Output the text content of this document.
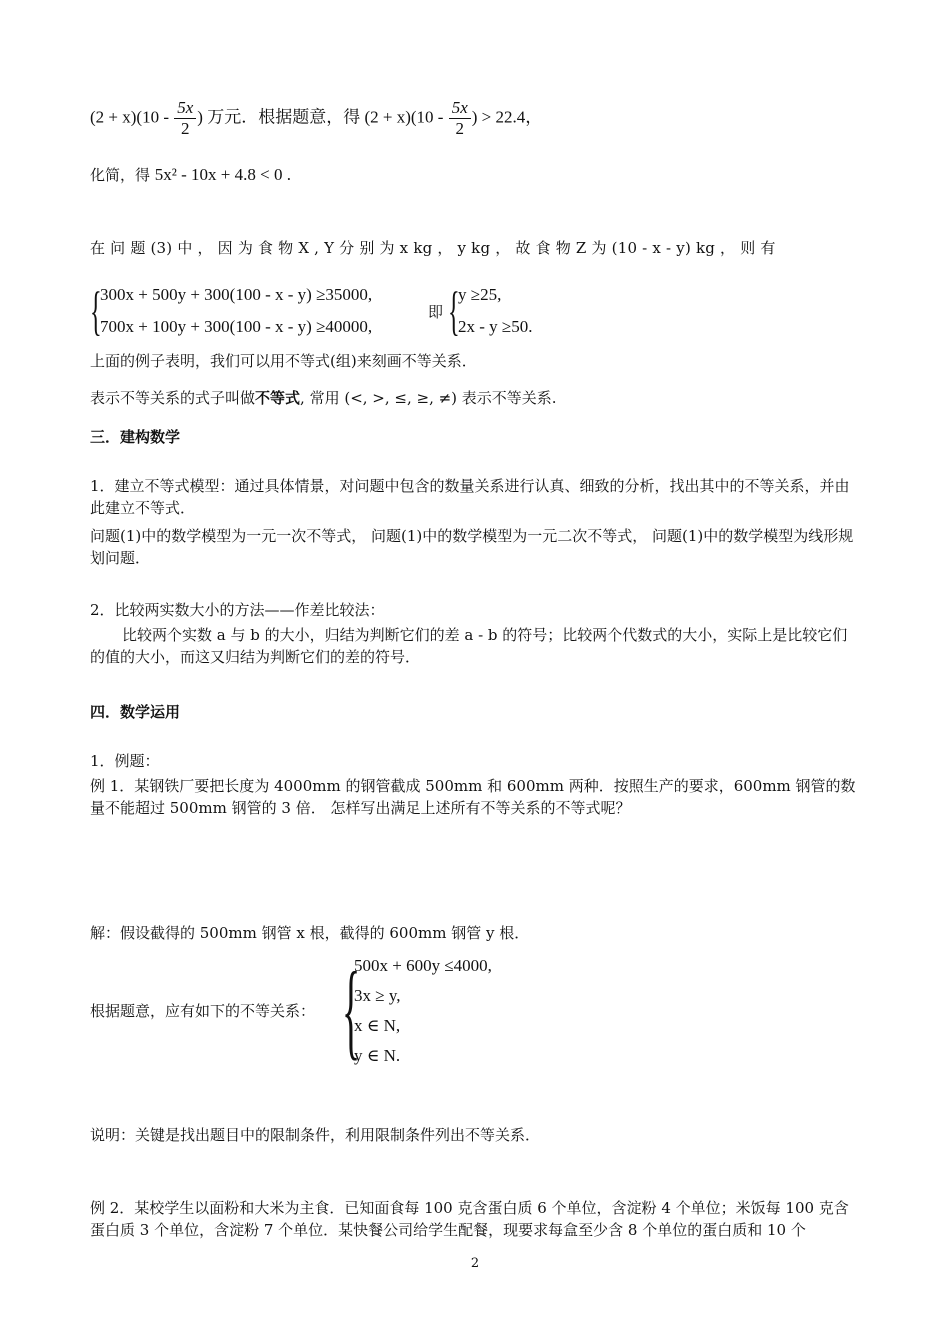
$(2 + x)(10 - \frac{5x}{2}$ ) 万元．根据题意，得 $(2 + x)(10 - \frac{5x}{2}$ ) > 22.4，
化简，得 5x² - 10x + 4.8 < 0 .
在 问 题 (3) 中 ， 因 为 食 物 X , Y 分 别 为 x kg ， y kg ， 故 食 物 Z 为 (10 - x - y) kg ， 则 有
{
300x + 500y + 300(100 - x - y) ≥35000,
700x + 100y + 300(100 - x - y) ≥40000,
即 {
y ≥25,
2x - y ≥50.
上面的例子表明，我们可以用不等式(组)来刻画不等关系．
表示不等关系的式子叫做不等式, 常用 (<, >, ≤, ≥, ≠) 表示不等关系.
三．建构数学
1．建立不等式模型：通过具体情景，对问题中包含的数量关系进行认真、细致的分析，找出其中的不等关系，并由此建立不等式．
问题(1)中的数学模型为一元一次不等式， 问题(1)中的数学模型为一元二次不等式， 问题(1)中的数学模型为线形规划问题．
2．比较两实数大小的方法——作差比较法：
比较两个实数 a 与 b 的大小，归结为判断它们的差 a - b 的符号；比较两个代数式的大小，实际上是比较它们的值的大小，而这又归结为判断它们的差的符号．
四．数学运用
1．例题：
例 1．某钢铁厂要把长度为 4000mm 的钢管截成 500mm 和 600mm 两种．按照生产的要求，600mm 钢管的数量不能超过 500mm 钢管的 3 倍． 怎样写出满足上述所有不等关系的不等式呢？
解：假设截得的 500mm 钢管 x 根，截得的 600mm 钢管 y 根．
根据题意，应有如下的不等关系： {
500x + 600y ≤4000,
3x ≥ y,
x ∈ N,
y ∈ N.
说明：关键是找出题目中的限制条件，利用限制条件列出不等关系．
例 2．某校学生以面粉和大米为主食．已知面食每 100 克含蛋白质 6 个单位，含淀粉 4 个单位；米饭每 100 克含蛋白质 3 个单位，含淀粉 7 个单位．某快餐公司给学生配餐，现要求每盒至少含 8 个单位的蛋白质和 10 个
2
